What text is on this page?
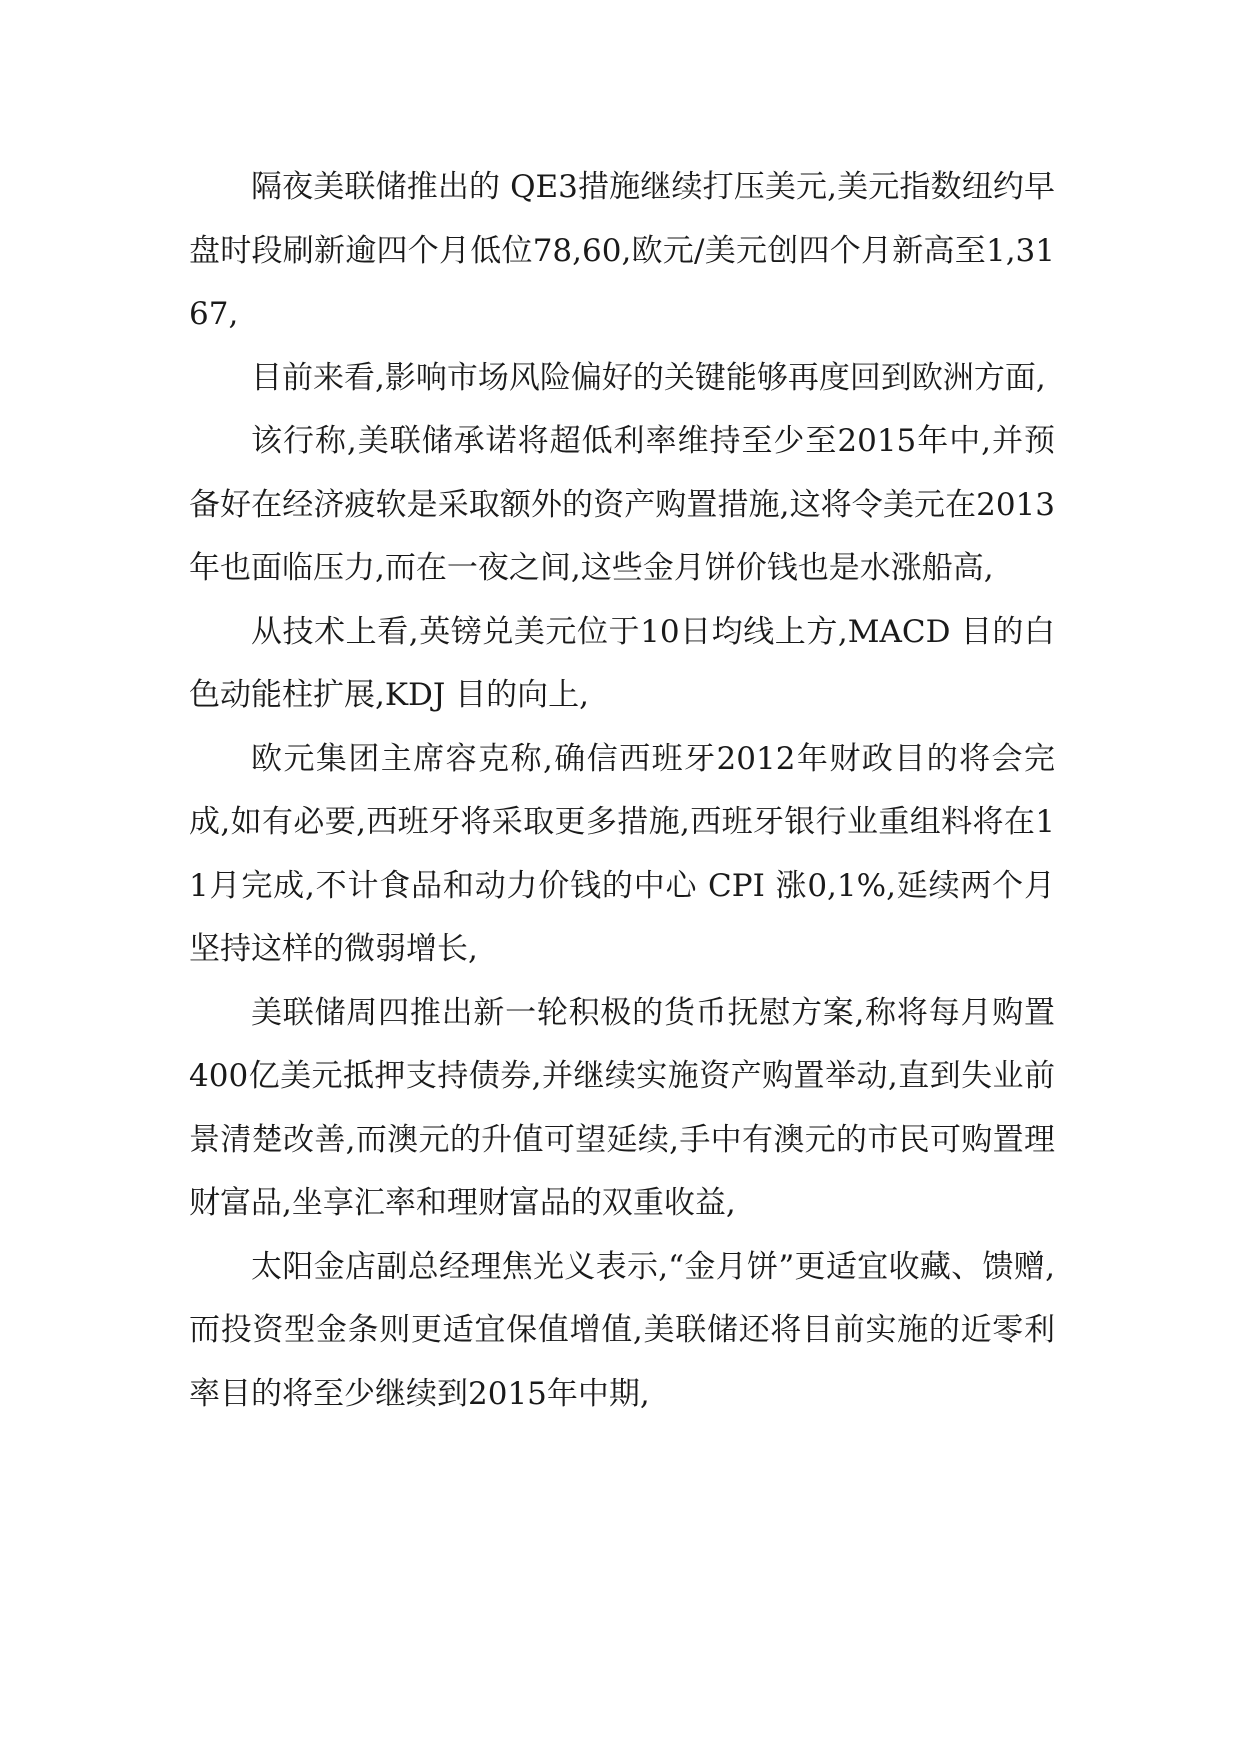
隔夜美联储推出的 QE3措施继续打压美元,美元指数纽约早盘时段刷新逾四个月低位78,60,欧元/美元创四个月新高至1,3167,

目前来看,影响市场风险偏好的关键能够再度回到欧洲方面,

该行称,美联储承诺将超低利率维持至少至2015年中,并预备好在经济疲软是采取额外的资产购置措施,这将令美元在2013年也面临压力,而在一夜之间,这些金月饼价钱也是水涨船高,

从技术上看,英镑兑美元位于10日均线上方,MACD 目的白色动能柱扩展,KDJ 目的向上,

欧元集团主席容克称,确信西班牙2012年财政目的将会完成,如有必要,西班牙将采取更多措施,西班牙银行业重组料将在11月完成,不计食品和动力价钱的中心 CPI 涨0,1%,延续两个月坚持这样的微弱增长,

美联储周四推出新一轮积极的货币抚慰方案,称将每月购置400亿美元抵押支持债券,并继续实施资产购置举动,直到失业前景清楚改善,而澳元的升值可望延续,手中有澳元的市民可购置理财富品,坐享汇率和理财富品的双重收益,

太阳金店副总经理焦光义表示,“金月饼”更适宜收藏、馈赠,而投资型金条则更适宜保值增值,美联储还将目前实施的近零利率目的将至少继续到2015年中期,
